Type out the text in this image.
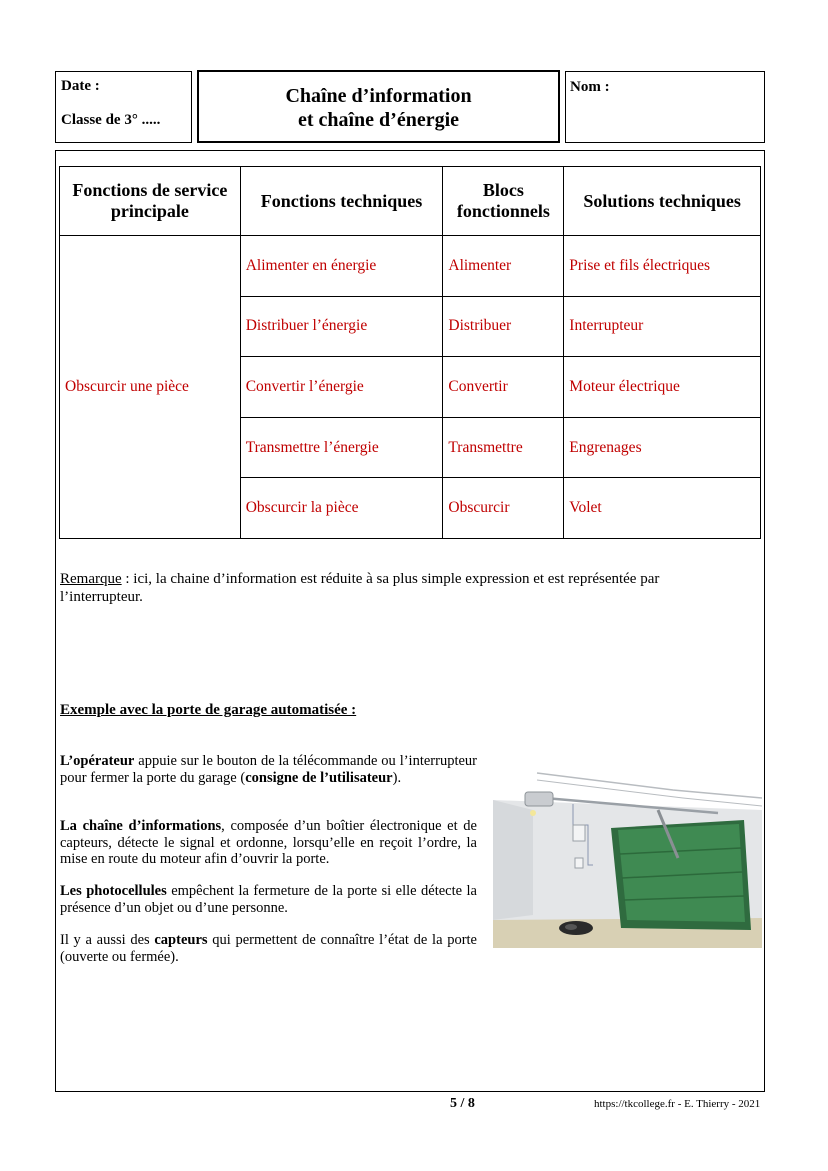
Date :
Classe de 3° .....
Nom :
Chaîne d’information
et chaîne d’énergie
Fonctions de service principale	Fonctions techniques	Blocs fonctionnels	Solutions techniques
Obscurcir une pièce	Alimenter en énergie	Alimenter	Prise et fils électriques
	Distribuer l’énergie	Distribuer	Interrupteur
	Convertir l’énergie	Convertir	Moteur électrique
	Transmettre l’énergie	Transmettre	Engrenages
	Obscurcir la pièce	Obscurcir	Volet
Remarque : ici, la chaine d’information est réduite à sa plus simple expression et est représentée par l’interrupteur.
Exemple avec la porte de garage automatisée :
L’opérateur appuie sur le bouton de la télécommande ou l’interrupteur pour fermer la porte du garage (consigne de l’utilisateur).
La chaîne d’informations, composée d’un boîtier électronique et de capteurs, détecte le signal et ordonne, lorsqu’elle en reçoit l’ordre, la mise en route du moteur afin d’ouvrir la porte.
Les photocellules empêchent la fermeture de la porte si elle détecte la présence d’un objet ou d’une personne.
Il y a aussi des capteurs qui permettent de connaître l’état de la porte (ouverte ou fermée).
5 / 8	https://tkcollege.fr - E. Thierry - 2021
